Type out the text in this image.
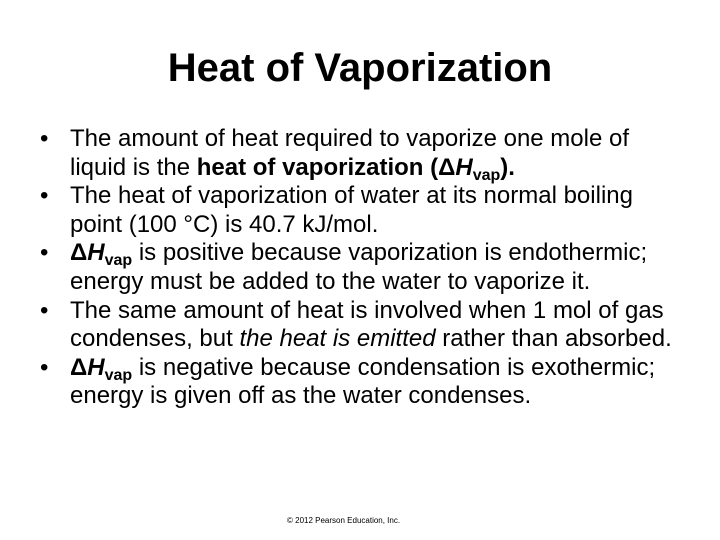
Heat of Vaporization
• The amount of heat required to vaporize one mole of liquid is the heat of vaporization $(\Delta H_{vap})$.
• The heat of vaporization of water at its normal boiling point (100 °C) is 40.7 kJ/mol.
• $\Delta H_{vap}$ is positive because vaporization is endothermic; energy must be added to the water to vaporize it.
• The same amount of heat is involved when 1 mol of gas condenses, but the heat is emitted rather than absorbed.
• $\Delta H_{vap}$ is negative because condensation is exothermic; energy is given off as the water condenses.
© 2012 Pearson Education, Inc.
